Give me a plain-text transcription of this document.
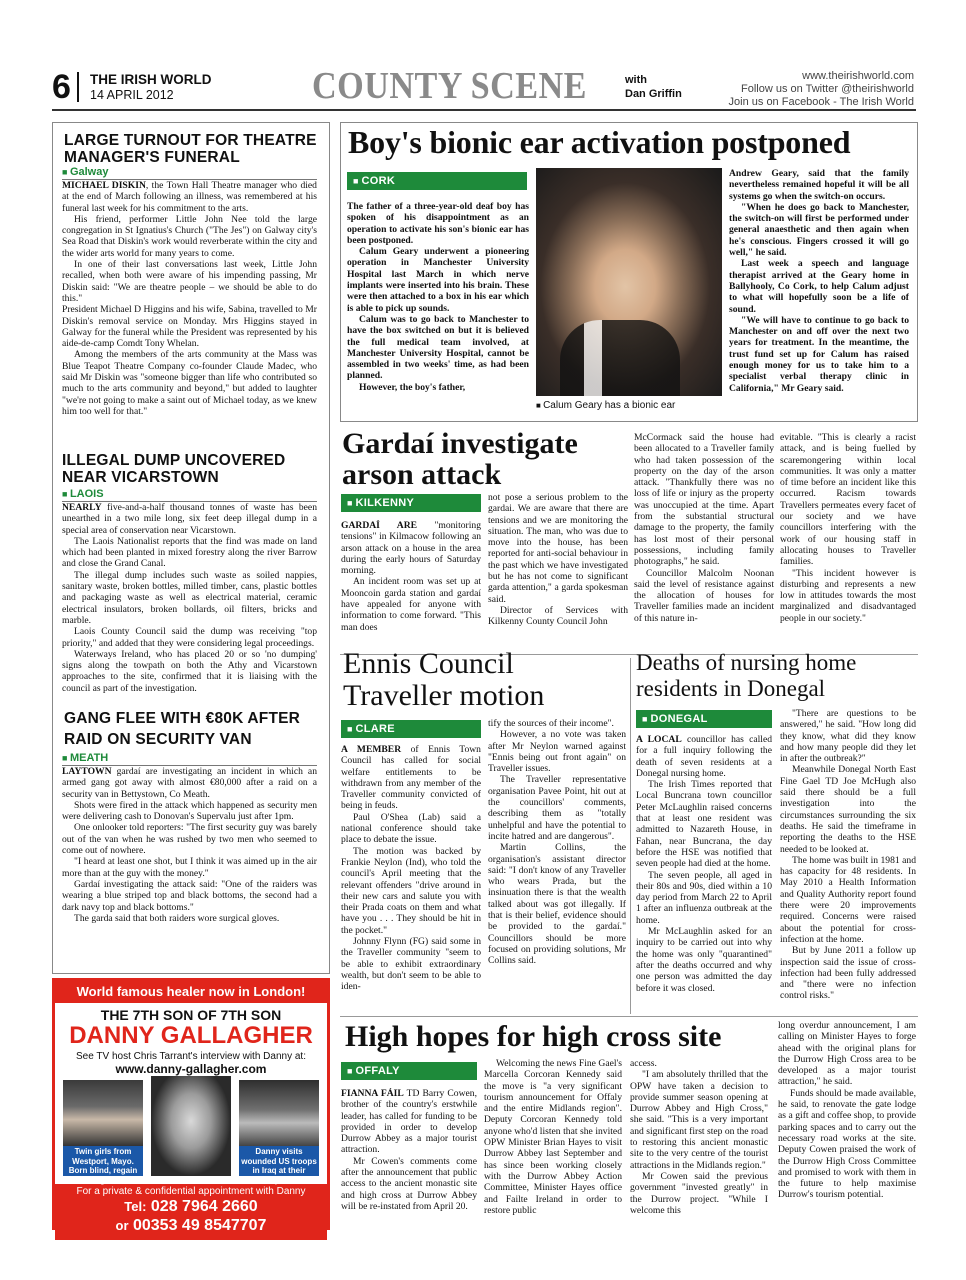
6 THE IRISH WORLD
14 APRIL 2012	COUNTY SCENE	with
Dan Griffin
www.theirishworld.com
Follow us on Twitter @theirishworld
Join us on Facebook - The Irish World
LARGE TURNOUT FOR THEATRE MANAGER'S FUNERAL
■ Galway

MICHAEL DISKIN, the Town Hall Theatre manager who died at the end of March following an illness, was remembered at his funeral last week for his commitment to the arts.

His friend, performer Little John Nee told the large congregation in St Ignatius's Church ("The Jes") on Galway city's Sea Road that Diskin's work would reverberate within the city and the wider arts world for many years to come.

In one of their last conversations last week, Little John recalled, when both were aware of his impending passing, Mr Diskin said: "We are theatre people – we should be able to do this."

President Michael D Higgins and his wife, Sabina, travelled to Mr Diskin's removal service on Monday. Mrs Higgins stayed in Galway for the funeral while the President was represented by his aide-de-camp Comdt Tony Whelan.

Among the members of the arts community at the Mass was Blue Teapot Theatre Company co-founder Claude Madec, who said Mr Diskin was "someone bigger than life who contributed so much to the arts community and beyond," but added to laughter "we're not going to make a saint out of Michael today, as we knew him too well for that."

ILLEGAL DUMP UNCOVERED NEAR VICARSTOWN
■ LAOIS

NEARLY five-and-a-half thousand tonnes of waste has been unearthed in a two mile long, six feet deep illegal dump in a special area of conservation near Vicarstown.

The Laois Nationalist reports that the find was made on land which had been planted in mixed forestry along the river Barrow and close the Grand Canal.

The illegal dump includes such waste as soiled nappies, sanitary waste, broken bottles, milled timber, cans, plastic bottles and packaging waste as well as electrical material, ceramic electrical insulators, broken bollards, oil filters, bricks and marble.

Laois County Council said the dump was receiving "top priority," and added that they were considering legal proceedings.

Waterways Ireland, who has placed 20 or so 'no dumping' signs along the towpath on both the Athy and Vicarstown approaches to the site, confirmed that it is liaising with the council as part of the investigation.

GANG FLEE WITH €80K AFTER RAID ON SECURITY VAN
■ MEATH

LAYTOWN gardaí are investigating an incident in which an armed gang got away with almost €80,000 after a raid on a security van in Bettystown, Co Meath.

Shots were fired in the attack which happened as security men were delivering cash to Donovan's Supervalu just after 1pm.

One onlooker told reporters: "The first security guy was barely out of the van when he was rushed by two men who seemed to come out of nowhere.

"I heard at least one shot, but I think it was aimed up in the air more than at the guy with the money."

Gardaí investigating the attack said: "One of the raiders was wearing a blue striped top and black bottoms, the second had a dark navy top and black bottoms."

The garda said that both raiders wore surgical gloves.

World famous healer now in London!
THE 7TH SON OF 7TH SON
DANNY GALLAGHER
See TV host Chris Tarrant's interview with Danny at:
www.danny-gallagher.com
Twin girls from Westport, Mayo. Born blind, regain sight
Danny visits wounded US troops in Iraq at their request
For a private & confidential appointment with Danny
Tel: 028 7964 2660
or 00353 49 8547707
Boy's bionic ear activation postponed
■ CORK

The father of a three-year-old deaf boy has spoken of his disappointment as an operation to activate his son's bionic ear has been postponed.

Calum Geary underwent a pioneering operation in Manchester University Hospital last March in which nerve implants were inserted into his brain. These were then attached to a box in his ear which is able to pick up sounds.

Calum was to go back to Manchester to have the box switched on but it is believed the full medical team involved, at Manchester University Hospital, cannot be assembled in two weeks' time, as had been planned.

However, the boy's father,

■ Calum Geary has a bionic ear

Andrew Geary, said that the family nevertheless remained hopeful it will be all systems go when the switch-on occurs.

"When he does go back to Manchester, the switch-on will first be performed under general anaesthetic and then again when he's conscious. Fingers crossed it will go well," he said.

Last week a speech and language therapist arrived at the Geary home in Ballyhooly, Co Cork, to help Calum adjust to what will hopefully soon be a life of sound.

"We will have to continue to go back to Manchester on and off over the next two years for treatment. In the meantime, the trust fund set up for Calum has raised enough money for us to take him to a specialist verbal therapy clinic in California," Mr Geary said.

Gardaí investigate arson attack
■ KILKENNY

GARDAÍ ARE "monitoring tensions" in Kilmacow following an arson attack on a house in the area during the early hours of Saturday morning.

An incident room was set up at Mooncoin garda station and gardaí have appealed for anyone with information to come forward. "This man does

not pose a serious problem to the gardai. We are aware that there are tensions and we are monitoring the situation. The man, who was due to move into the house, has been reported for anti-social behaviour in the past which we have investigated but he has not come to significant garda attention," a garda spokesman said.

Director of Services with Kilkenny County Council John

McCormack said the house had been allocated to a Traveller family who had taken possession of the property on the day of the arson attack. "Thankfully there was no loss of life or injury as the property was unoccupied at the time. Apart from the substantial structural damage to the property, the family has lost most of their personal possessions, including family photographs," he said.

Councillor Malcolm Noonan said the level of resistance against the allocation of houses for Traveller families made an incident of this nature in-

evitable. "This is clearly a racist attack, and is being fuelled by scaremongering within local communities. It was only a matter of time before an incident like this occurred. Racism towards Travellers permeates every facet of our society and we have councillors interfering with the work of our housing staff in allocating houses to Traveller families.

"This incident however is disturbing and represents a new low in attitudes towards the most marginalized and disadvantaged people in our society."

Ennis Council Traveller motion
■ CLARE

A MEMBER of Ennis Town Council has called for social welfare entitlements to be withdrawn from any member of the Traveller community convicted of being in feuds.

Paul O'Shea (Lab) said a national conference should take place to debate the issue.

The motion was backed by Frankie Neylon (Ind), who told the council's April meeting that the relevant offenders "drive around in their new cars and salute you with their Prada coats on them and what have you . . . They should be hit in the pocket."

Johnny Flynn (FG) said some in the Traveller community "seem to be able to exhibit extraordinary wealth, but don't seem to be able to iden-

tify the sources of their income".

However, a no vote was taken after Mr Neylon warned against "Ennis being out front again" on Traveller issues.

The Traveller representative organisation Pavee Point, hit out at the councillors' comments, describing them as "totally unhelpful and have the potential to incite hatred and are dangerous".

Martin Collins, the organisation's assistant director said: "I don't know of any Traveller who wears Prada, but the insinuation there is that the wealth talked about was got illegally. If that is their belief, evidence should be provided to the gardaí." Councillors should be more focused on providing solutions, Mr Collins said.

Deaths of nursing home residents in Donegal
■ DONEGAL

A LOCAL councillor has called for a full inquiry following the death of seven residents at a Donegal nursing home.

The Irish Times reported that Local Buncrana town councillor Peter McLaughlin raised concerns that at least one resident was admitted to Nazareth House, in Fahan, near Buncrana, the day before the HSE was notified that seven people had died at the home.

The seven people, all aged in their 80s and 90s, died within a 10 day period from March 22 to April 1 after an influenza outbreak at the home.

Mr McLaughlin asked for an inquiry to be carried out into why the home was only "quarantined" after the deaths occurred and why one person was admitted the day before it was closed.

"There are questions to be answered," he said. "How long did they know, what did they know and how many people did they let in after the outbreak?"

Meanwhile Donegal North East Fine Gael TD Joe McHugh also said there should be a full investigation into the circumstances surrounding the six deaths. He said the timeframe in reporting the deaths to the HSE needed to be looked at.

The home was built in 1981 and has capacity for 48 residents. In May 2010 a Health Information and Quality Authority report found there were 20 improvements required. Concerns were raised about the potential for cross-infection at the home.

But by June 2011 a follow up inspection said the issue of cross-infection had been fully addressed and "there were no infection control risks."

High hopes for high cross site
■ OFFALY

FIANNA FÁIL TD Barry Cowen, brother of the country's erstwhile leader, has called for funding to be provided in order to develop Durrow Abbey as a major tourist attraction.

Mr Cowen's comments come after the announcement that public access to the ancient monastic site and high cross at Durrow Abbey will be re-instated from April 20.

Welcoming the news Fine Gael's Marcella Corcoran Kennedy said the move is "a very significant tourism announcement for Offaly and the entire Midlands region". Deputy Corcoran Kennedy told anyone who'd listen that she invited OPW Minister Brian Hayes to visit Durrow Abbey last September and has since been working closely with the Durrow Abbey Action Committee, Minister Hayes office and Failte Ireland in order to restore public

access.

"I am absolutely thrilled that the OPW have taken a decision to provide summer season opening at Durrow Abbey and High Cross," she said. "This is a very important and significant first step on the road to restoring this ancient monastic site to the very centre of the tourist attractions in the Midlands region."

Mr Cowen said the previous government "invested greatly" in the Durrow project. "While I welcome this

long overdur announcement, I am calling on Minister Hayes to forge ahead with the original plans for the Durrow High Cross area to be developed as a major tourist attraction," he said.

Funds should be made available, he said, to renovate the gate lodge as a gift and coffee shop, to provide parking spaces and to carry out the necessary road works at the site. Deputy Cowen praised the work of the Durrow High Cross Committee and promised to work with them in the future to help maximise Durrow's tourism potential.
